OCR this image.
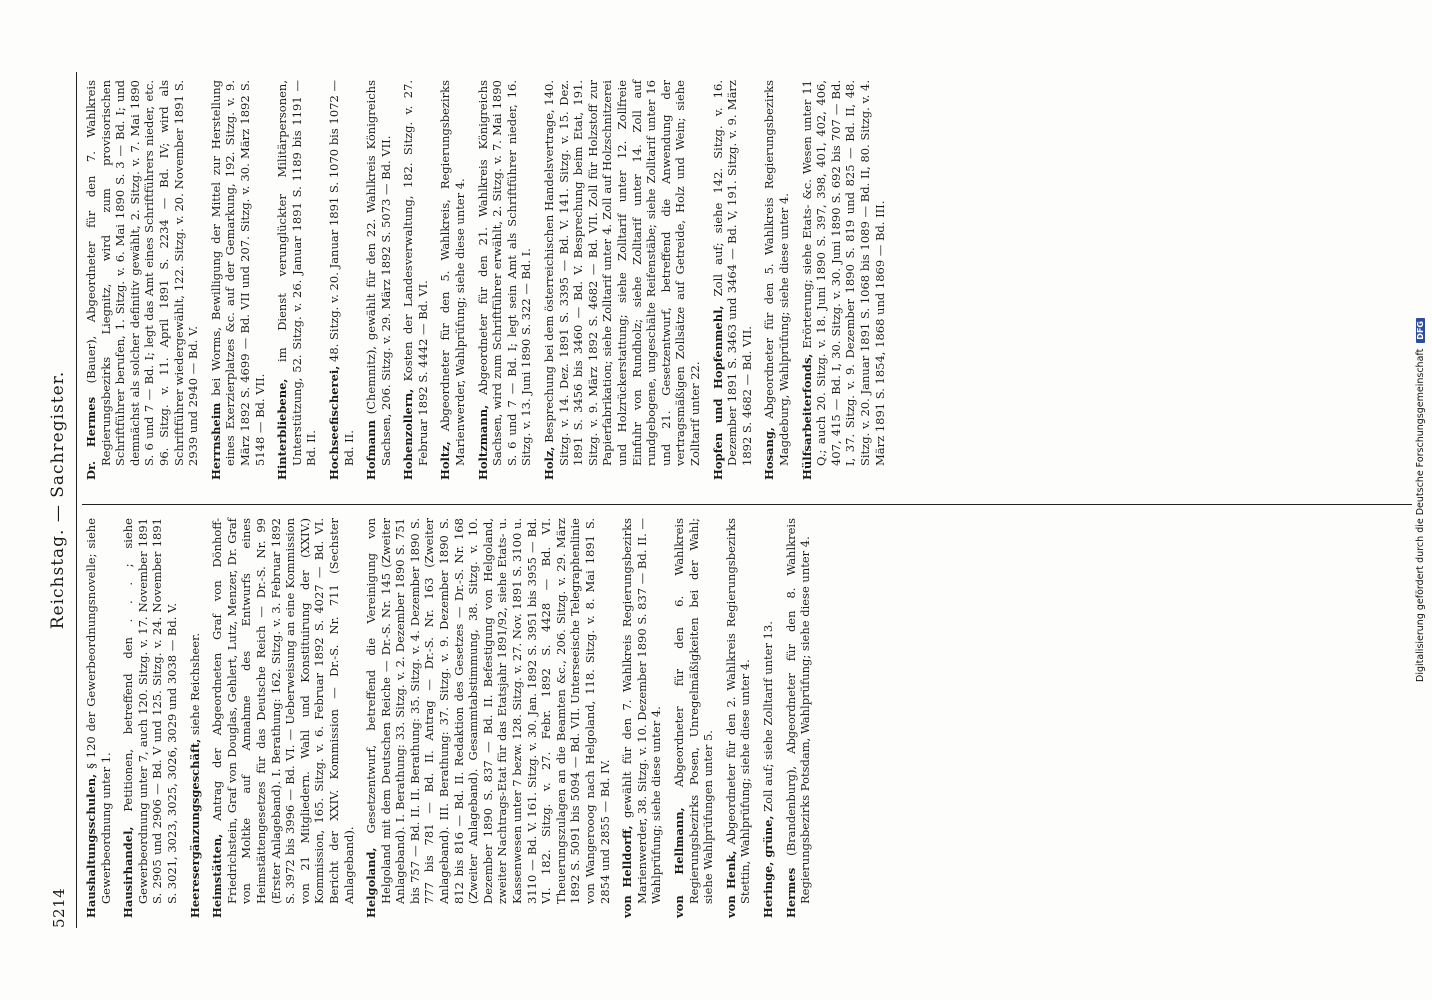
5214
Reichstag. — Sachregister.

Haushaltungsschulen, § 120 der Gewerbeordnungsnovelle; siehe Gewerbeordnung unter 1. Hausirhandel, Petitionen, betreffend den . . . ; siehe Gewerbeordnung unter 7, auch 120. Sitzg. v. 17. November 1891 S. 2905 und 2906 — Bd. V und 125. Sitzg. v. 24. November 1891 S. 3021, 3023, 3025, 3026, 3029 und 3038 — Bd. V. Heeresergänzungsgeschäft, siehe Reichsheer.

Heimstätten, Antrag der Abgeordneten Graf von Dönhoff-Friedrichstein, Graf von Douglas, Gehlert, Lutz, Menzer, Dr. Graf von Moltke auf Annahme des Entwurfs eines Heimstättengesetzes für das Deutsche Reich — Dr.-S. Nr. 99 (Erster Anlageband). I. Berathung: 162. Sitzg. v. 3. Februar 1892 S. 3972 bis 3996 — Bd. VI. — Ueberweisung an eine Kommission von 21 Mitgliedern. Wahl und Konstituirung der (XXIV.) Kommission, 165. Sitzg. v. 6. Februar 1892 S. 4027 — Bd. VI. Bericht der XXIV. Kommission — Dr.-S. Nr. 711 (Sechster Anlageband). Helgoland, Gesetzentwurf, betreffend die Vereinigung von Helgoland mit dem Deutschen Reiche — Dr.-S. Nr. 145 (Zweiter Anlageband). I. Berathung: 33. Sitzg. v. 2. Dezember 1890 S. 751 bis 757 — Bd. II. II. Berathung: 35. Sitzg. v. 4. Dezember 1890 S. 777 bis 781 — Bd. II. Antrag — Dr.-S. Nr. 163 (Zweiter Anlageband). III. Berathung: 37. Sitzg. v. 9. Dezember 1890 S. 812 bis 816 — Bd. II. Redaktion des Gesetzes — Dr.-S. Nr. 168 (Zweiter Anlageband). Gesammtabstimmung, 38. Sitzg. v. 10. Dezember 1890 S. 837 — Bd. II. Befestigung von Helgoland, zweiter Nachtrags-Etat für das Etatsjahr 1891/92, siehe Etats- u. Kassenwesen unter 7 bezw. 128. Sitzg. v. 27. Nov. 1891 S. 3100 u. 3110 — Bd. V. 161. Sitzg. v. 30. Jan. 1892 S. 3951 bis 3955 — Bd. VI. 182. Sitzg. v. 27. Febr. 1892 S. 4428 — Bd. VI. Theuerungszulagen an die Beamten &c., 206. Sitzg. v. 29. März 1892 S. 5091 bis 5094 — Bd. VII. Unterseeische Telegraphenlinie von Wangerooog nach Helgoland, 118. Sitzg. v. 8. Mai 1891 S. 2854 und 2855 — Bd. IV. von Helldorff, gewählt für den 7. Wahlkreis Regierungsbezirks Marienwerder, 38. Sitzg. v. 10. Dezember 1890 S. 837 — Bd. II. — Wahlprüfung; siehe diese unter 4. von Hellmann, Abgeordneter für den 6. Wahlkreis Regierungsbezirks Posen, Unregelmäßigkeiten bei der Wahl; siehe Wahlprüfungen unter 5. von Henk, Abgeordneter für den 2. Wahlkreis Regierungsbezirks Stettin, Wahlprüfung; siehe diese unter 4. Heringe, grüne, Zoll auf; siehe Zolltarif unter 13.

Hermes (Brandenburg), Abgeordneter für den 8. Wahlkreis Regierungsbezirks Potsdam, Wahlprüfung; siehe diese unter 4.

Dr. Hermes (Bauer), Abgeordneter für den 7. Wahlkreis Regierungsbezirks Liegnitz, wird zum provisorischen Schriftführer berufen, 1. Sitzg. v. 6. Mai 1890 S. 3 — Bd. I; und demnächst als solcher definitiv gewählt, 2. Sitzg. v. 7. Mai 1890 S. 6 und 7 — Bd. I; legt das Amt eines Schriftführers nieder, etc. 96. Sitzg. v. 11. April 1891 S. 2234 — Bd. IV; wird als Schriftführer wiedergewählt, 122. Sitzg. v. 20. November 1891 S. 2939 und 2940 — Bd. V. Herrnsheim bei Worms, Bewilligung der Mittel zur Herstellung eines Exerzierplatzes &c. auf der Gemarkung, 192. Sitzg. v. 9. März 1892 S. 4699 — Bd. VII und 207. Sitzg. v. 30. März 1892 S. 5148 — Bd. VII. Hinterbliebene, im Dienst verunglückter Militärpersonen, Unterstützung, 52. Sitzg. v. 26. Januar 1891 S. 1189 bis 1191 — Bd. II. Hochseefischerei, 48. Sitzg. v. 20. Januar 1891 S. 1070 bis 1072 — Bd. II. Hofmann (Chemnitz), gewählt für den 22. Wahlkreis Königreichs Sachsen, 206. Sitzg. v. 29. März 1892 S. 5073 — Bd. VII. Hohenzollern, Kosten der Landesverwaltung, 182. Sitzg. v. 27. Februar 1892 S. 4442 — Bd. VI. Holtz, Abgeordneter für den 5. Wahlkreis, Regierungsbezirks Marienwerder, Wahlprüfung; siehe diese unter 4. Holtzmann, Abgeordneter für den 21. Wahlkreis Königreichs Sachsen, wird zum Schriftführer erwählt, 2. Sitzg. v. 7. Mai 1890 S. 6 und 7 — Bd. I; legt sein Amt als Schriftführer nieder, 16. Sitzg. v. 13. Juni 1890 S. 322 — Bd. I. Holz, Besprechung bei dem österreichischen Handelsvertrage, 140. Sitzg. v. 14. Dez. 1891 S. 3395 — Bd. V. 141. Sitzg. v. 15. Dez. 1891 S. 3456 bis 3460 — Bd. V. Besprechung beim Etat, 191. Sitzg. v. 9. März 1892 S. 4682 — Bd. VII. Zoll für Holzstoff zur Papierfabrikation; siehe Zolltarif unter 4. Zoll auf Holzschnitzerei und Holzrückerstattung; siehe Zolltarif unter 12. Zollfreie Einfuhr von Rundholz; siehe Zolltarif unter 14. Zoll auf rundgebogene, ungeschälte Reifenstäbe; siehe Zolltarif unter 16 und 21. Gesetzentwurf, betreffend die Anwendung der vertragsmäßigen Zollsätze auf Getreide, Holz und Wein; siehe Zolltarif unter 22. Hopfen und Hopfenmehl, Zoll auf; siehe 142. Sitzg. v. 16. Dezember 1891 S. 3463 und 3464 — Bd. V, 191. Sitzg. v. 9. März 1892 S. 4682 — Bd. VII. Hosang, Abgeordneter für den 5. Wahlkreis Regierungsbezirks Magdeburg, Wahlprüfung; siehe diese unter 4. Hülfsarbeiterfonds, Erörterung; siehe Etats- &c. Wesen unter 11 Q.; auch 20. Sitzg. v. 18. Juni 1890 S. 397, 398, 401, 402, 406, 407, 415 — Bd. I, 30. Sitzg. v. 30. Juni 1890 S. 692 bis 707 — Bd. I, 37. Sitzg. v. 9. Dezember 1890 S. 819 und 825 — Bd. II, 48. Sitzg. v. 20. Januar 1891 S. 1068 bis 1089 — Bd. II, 80. Sitzg. v. 4. März 1891 S. 1854, 1868 und 1869 — Bd. III.

Digitalisierung gefördert durch die Deutsche Forschungsgemeinschaft
DFG
